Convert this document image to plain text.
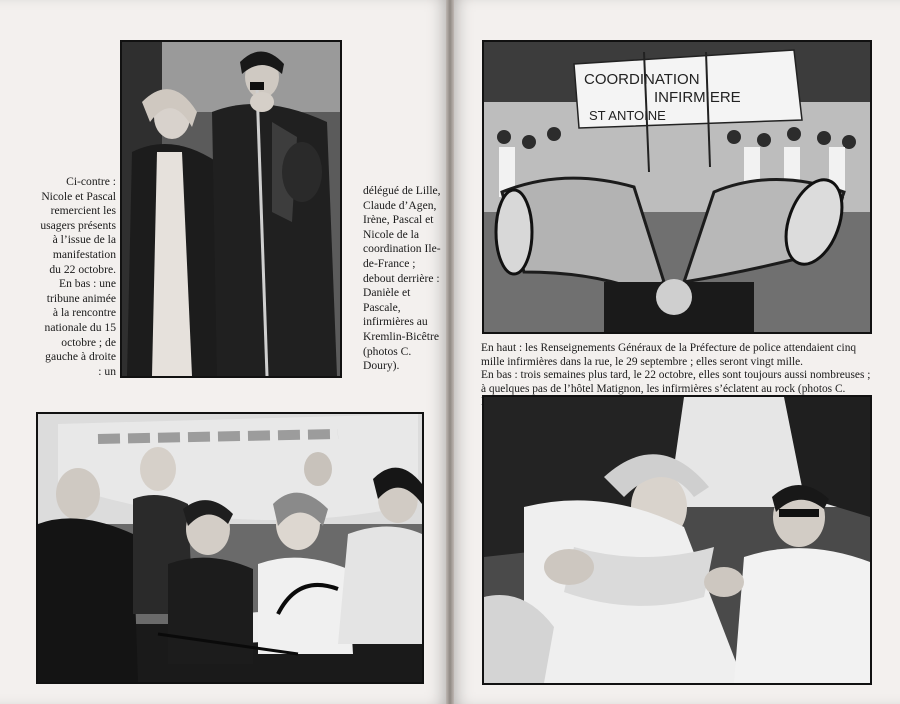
Ci-contre : Nicole et Pascal remercient les usagers présents à l’issue de la manifestation du 22 octobre. En bas : une tribune animée à la rencontre nationale du 15 octobre ; de gauche à droite : un
délégué de Lille, Claude d’Agen, Irène, Pascal et Nicole de la coordination Ile-de-France ; debout derrière : Danièle et Pascale, infirmières au Kremlin-Bicêtre (photos C. Doury).
COORDINATION
INFIRMIERE
ST ANTOINE

En haut : les Renseignements Généraux de la Préfecture de police attendaient cinq mille infirmières dans la rue, le 29 septembre ; elles seront vingt mille.

En bas : trois semaines plus tard, le 22 octobre, elles sont toujours aussi nombreuses ; à quelques pas de l’hôtel Matignon, les infirmières s’éclatent au rock (photos C.
